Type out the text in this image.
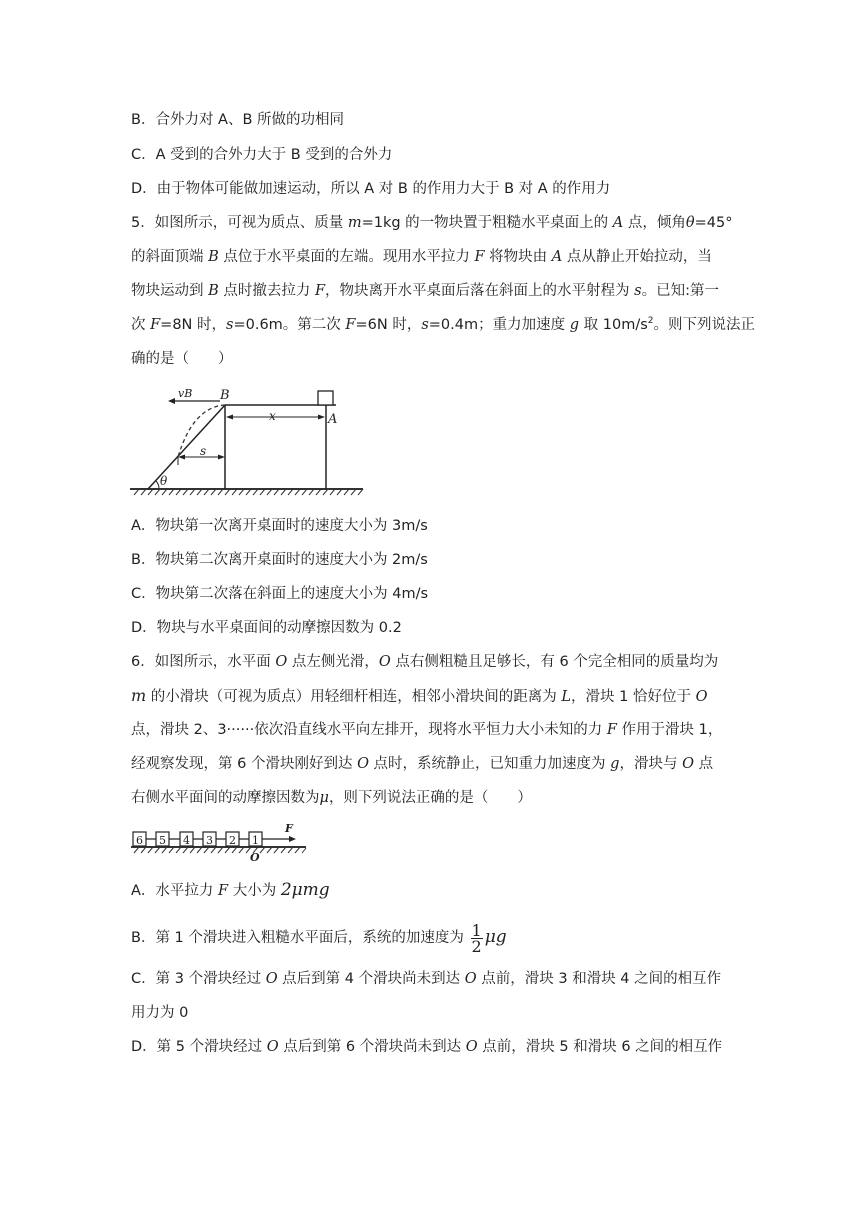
B．合外力对 A、B 所做的功相同
C．A 受到的合外力大于 B 受到的合外力
D．由于物体可能做加速运动，所以 A 对 B 的作用力大于 B 对 A 的作用力
5．如图所示，可视为质点、质量 m=1kg 的一物块置于粗糙水平桌面上的 A 点，倾角θ=45°
的斜面顶端 B 点位于水平桌面的左端。现用水平拉力 F 将物块由 A 点从静止开始拉动，当
物块运动到 B 点时撤去拉力 F，物块离开水平桌面后落在斜面上的水平射程为 s。已知:第一
次 F=8N 时，s=0.6m。第二次 F=6N 时，s=0.4m；重力加速度 g 取 $10m/s^2$。则下列说法正
确的是（　　）
vB B
x	A
s
θ
A．物块第一次离开桌面时的速度大小为 3m/s
B．物块第二次离开桌面时的速度大小为 2m/s
C．物块第二次落在斜面上的速度大小为 4m/s
D．物块与水平桌面间的动摩擦因数为 0.2
6．如图所示，水平面 O 点左侧光滑，O 点右侧粗糙且足够长，有 6 个完全相同的质量均为
m 的小滑块（可视为质点）用轻细杆相连，相邻小滑块间的距离为 L，滑块 1 恰好位于 O
点，滑块 2、3······依次沿直线水平向左排开，现将水平恒力大小未知的力 F 作用于滑块 1，
经观察发现，第 6 个滑块刚好到达 O 点时，系统静止，已知重力加速度为 g，滑块与 O 点
右侧水平面间的动摩擦因数为μ，则下列说法正确的是（　　）
6 5 4 3 2 1
F
O
A．水平拉力 F 大小为 2μmg
B．第 1 个滑块进入粗糙水平面后，系统的加速度为 $\frac{1}{2}$ μg
C．第 3 个滑块经过 O 点后到第 4 个滑块尚未到达 O 点前，滑块 3 和滑块 4 之间的相互作
用力为 0
D．第 5 个滑块经过 O 点后到第 6 个滑块尚未到达 O 点前，滑块 5 和滑块 6 之间的相互作
